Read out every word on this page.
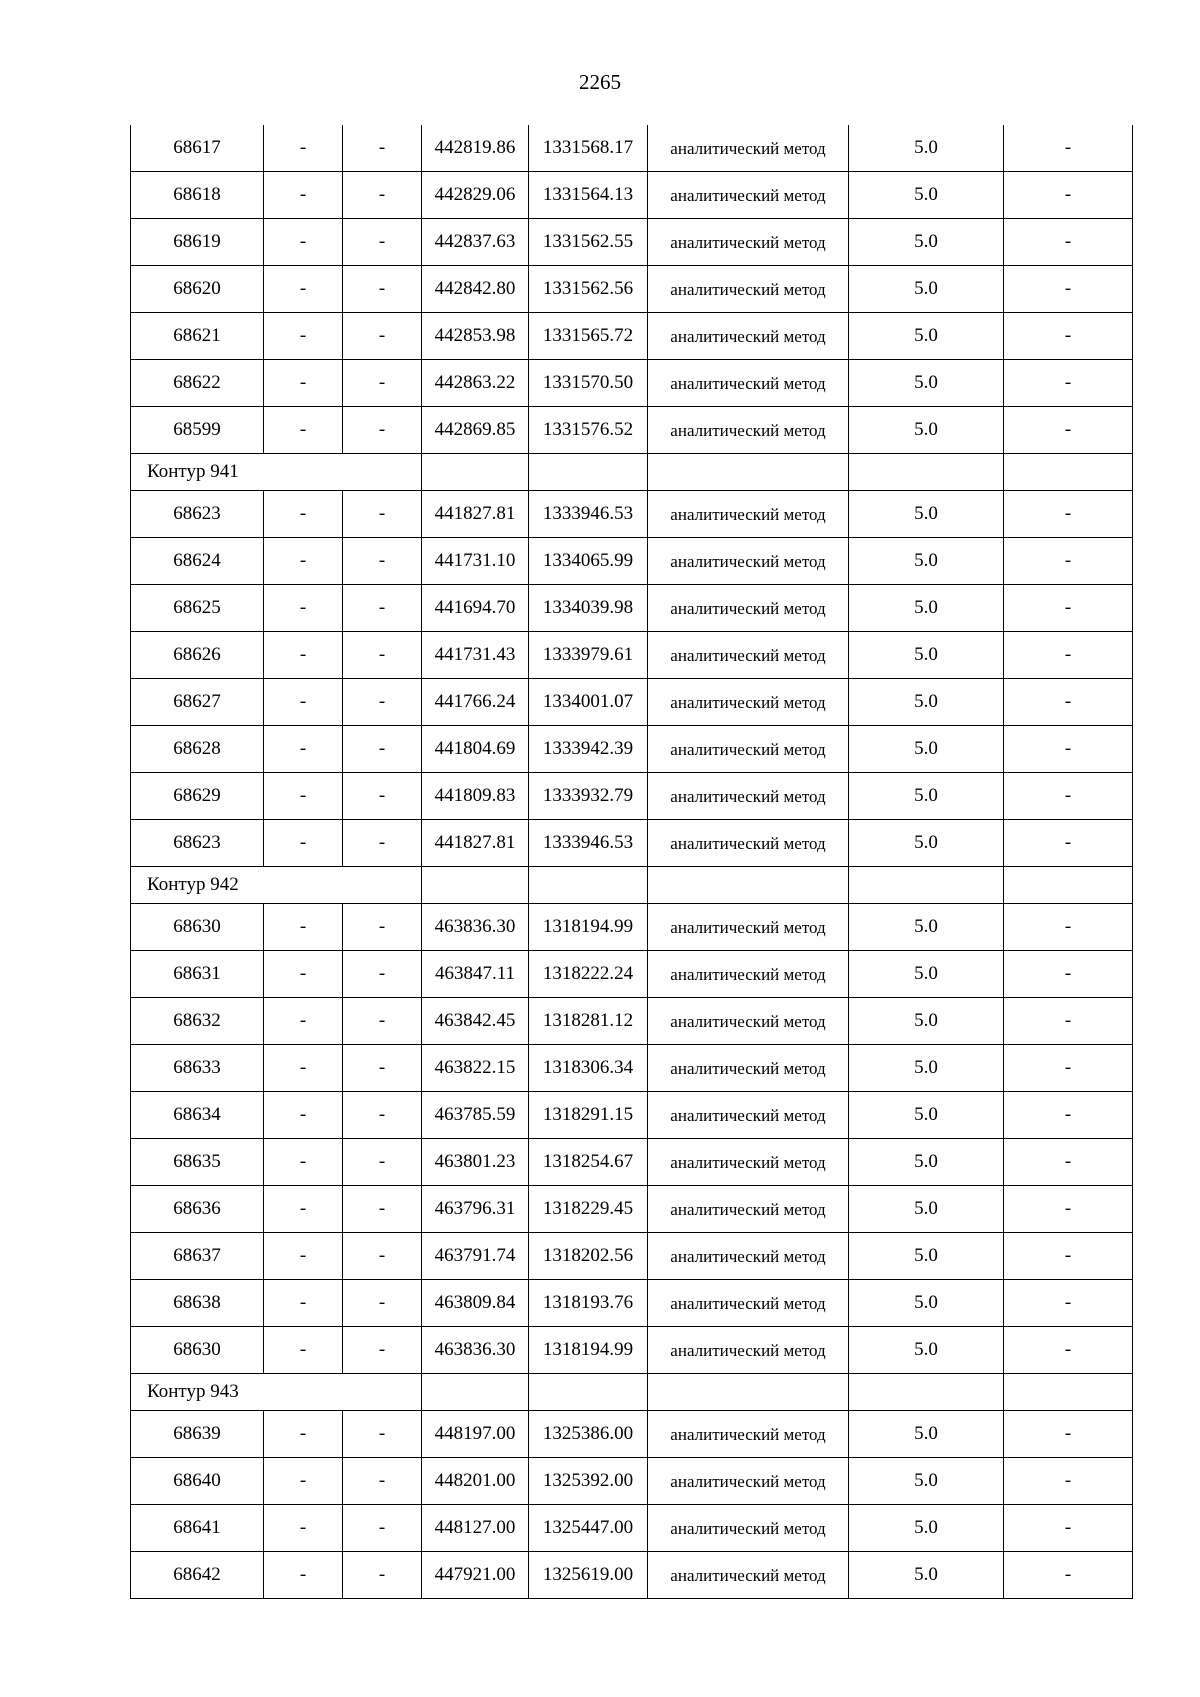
2265
68617	-	-	442819.86	1331568.17	аналитический метод	5.0	-
68618	-	-	442829.06	1331564.13	аналитический метод	5.0	-
68619	-	-	442837.63	1331562.55	аналитический метод	5.0	-
68620	-	-	442842.80	1331562.56	аналитический метод	5.0	-
68621	-	-	442853.98	1331565.72	аналитический метод	5.0	-
68622	-	-	442863.22	1331570.50	аналитический метод	5.0	-
68599	-	-	442869.85	1331576.52	аналитический метод	5.0	-
Контур 941							
68623	-	-	441827.81	1333946.53	аналитический метод	5.0	-
68624	-	-	441731.10	1334065.99	аналитический метод	5.0	-
68625	-	-	441694.70	1334039.98	аналитический метод	5.0	-
68626	-	-	441731.43	1333979.61	аналитический метод	5.0	-
68627	-	-	441766.24	1334001.07	аналитический метод	5.0	-
68628	-	-	441804.69	1333942.39	аналитический метод	5.0	-
68629	-	-	441809.83	1333932.79	аналитический метод	5.0	-
68623	-	-	441827.81	1333946.53	аналитический метод	5.0	-
Контур 942							
68630	-	-	463836.30	1318194.99	аналитический метод	5.0	-
68631	-	-	463847.11	1318222.24	аналитический метод	5.0	-
68632	-	-	463842.45	1318281.12	аналитический метод	5.0	-
68633	-	-	463822.15	1318306.34	аналитический метод	5.0	-
68634	-	-	463785.59	1318291.15	аналитический метод	5.0	-
68635	-	-	463801.23	1318254.67	аналитический метод	5.0	-
68636	-	-	463796.31	1318229.45	аналитический метод	5.0	-
68637	-	-	463791.74	1318202.56	аналитический метод	5.0	-
68638	-	-	463809.84	1318193.76	аналитический метод	5.0	-
68630	-	-	463836.30	1318194.99	аналитический метод	5.0	-
Контур 943							
68639	-	-	448197.00	1325386.00	аналитический метод	5.0	-
68640	-	-	448201.00	1325392.00	аналитический метод	5.0	-
68641	-	-	448127.00	1325447.00	аналитический метод	5.0	-
68642	-	-	447921.00	1325619.00	аналитический метод	5.0	-
